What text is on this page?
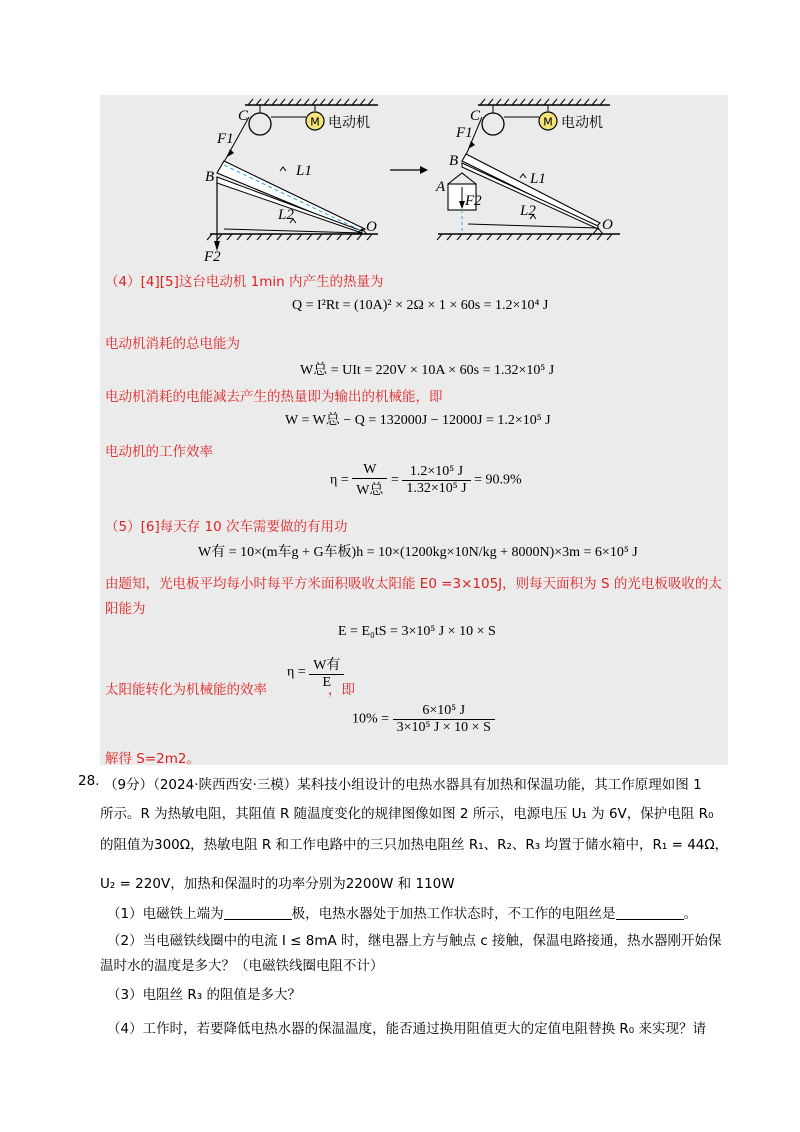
M 电动机
C
F1
B	L1
L2
O
F2
M 电动机
C
F1
B
A
F2
L1
L2
O
（4）[4][5]这台电动机 1min 内产生的热量为
Q = I²Rt = (10A)² × 2Ω × 1 × 60s = 1.2×10⁴ J
电动机消耗的总电能为
W总 = UIt = 220V × 10A × 60s = 1.32×10⁵ J
电动机消耗的电能减去产生的热量即为输出的机械能，即
W = W总 − Q = 132000J − 12000J = 1.2×10⁵ J
电动机的工作效率
$\eta = \frac{W}{\text{W总}} = \frac{\text{1.2×10⁵ J}}{\text{1.32×10⁵ J}} = 90.9\%$
（5）[6]每天存 10 次车需要做的有用功
W有 = 10×(m车g + G车板)h = 10×(1200kg×10N/kg + 8000N)×3m = 6×10⁵ J
由题知，光电板平均每小时每平方米面积吸收太阳能 E0 =3×105J，则每天面积为 S 的光电板吸收的太
阳能为
E = E₀tS = 3×10⁵ J × 10 × S
太阳能转化为机械能的效率
$\eta = \frac{\text{W有}}{E}$
，即
$10\% = \frac{\text{6×10⁵ J}}{\text{3×10⁵ J × 10 × S}}$
解得 S=2m2。
28. （9分）（2024·陕西西安·三模）某科技小组设计的电热水器具有加热和保温功能，其工作原理如图 1
所示。R 为热敏电阻，其阻值 R 随温度变化的规律图像如图 2 所示，电源电压 U₁ 为 6V，保护电阻 R₀
的阻值为300Ω，热敏电阻 R 和工作电路中的三只加热电阻丝 R₁、R₂、R₃ 均置于储水箱中，R₁ = 44Ω，
U₂ = 220V，加热和保温时的功率分别为2200W 和 110W
（1）电磁铁上端为	极，电热水器处于加热工作状态时，不工作的电阻丝是	。
（2）当电磁铁线圈中的电流 I ≤ 8mA 时，继电器上方与触点 c 接触，保温电路接通，热水器刚开始保
温时水的温度是多大？（电磁铁线圈电阻不计）
（3）电阻丝 R₃ 的阻值是多大？
（4）工作时，若要降低电热水器的保温温度，能否通过换用阻值更大的定值电阻替换 R₀ 来实现？请
